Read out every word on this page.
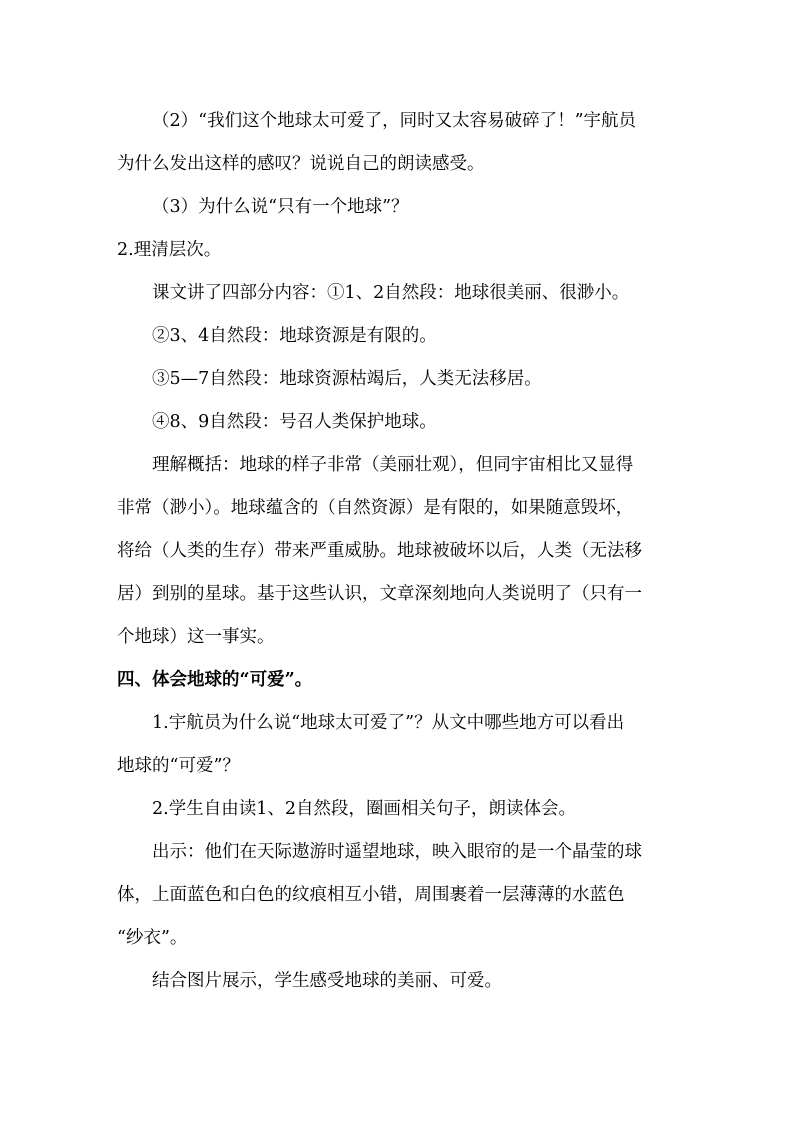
（2）“我们这个地球太可爱了，同时又太容易破碎了！”宇航员
为什么发出这样的感叹？说说自己的朗读感受。

（3）为什么说“只有一个地球”？

2.理清层次。

课文讲了四部分内容：①1、2自然段：地球很美丽、很渺小。

②3、4自然段：地球资源是有限的。

③5—7自然段：地球资源枯竭后，人类无法移居。

④8、9自然段：号召人类保护地球。

理解概括：地球的样子非常（美丽壮观），但同宇宙相比又显得
非常（渺小）。地球蕴含的（自然资源）是有限的，如果随意毁坏，
将给（人类的生存）带来严重威胁。地球被破坏以后，人类（无法移
居）到别的星球。基于这些认识，文章深刻地向人类说明了（只有一
个地球）这一事实。

四、体会地球的“可爱”。

1.宇航员为什么说“地球太可爱了”？从文中哪些地方可以看出
地球的“可爱”？

2.学生自由读1、2自然段，圈画相关句子，朗读体会。

出示：他们在天际遨游时遥望地球，映入眼帘的是一个晶莹的球
体，上面蓝色和白色的纹痕相互小错，周围裹着一层薄薄的水蓝色
“纱衣”。

结合图片展示，学生感受地球的美丽、可爱。
